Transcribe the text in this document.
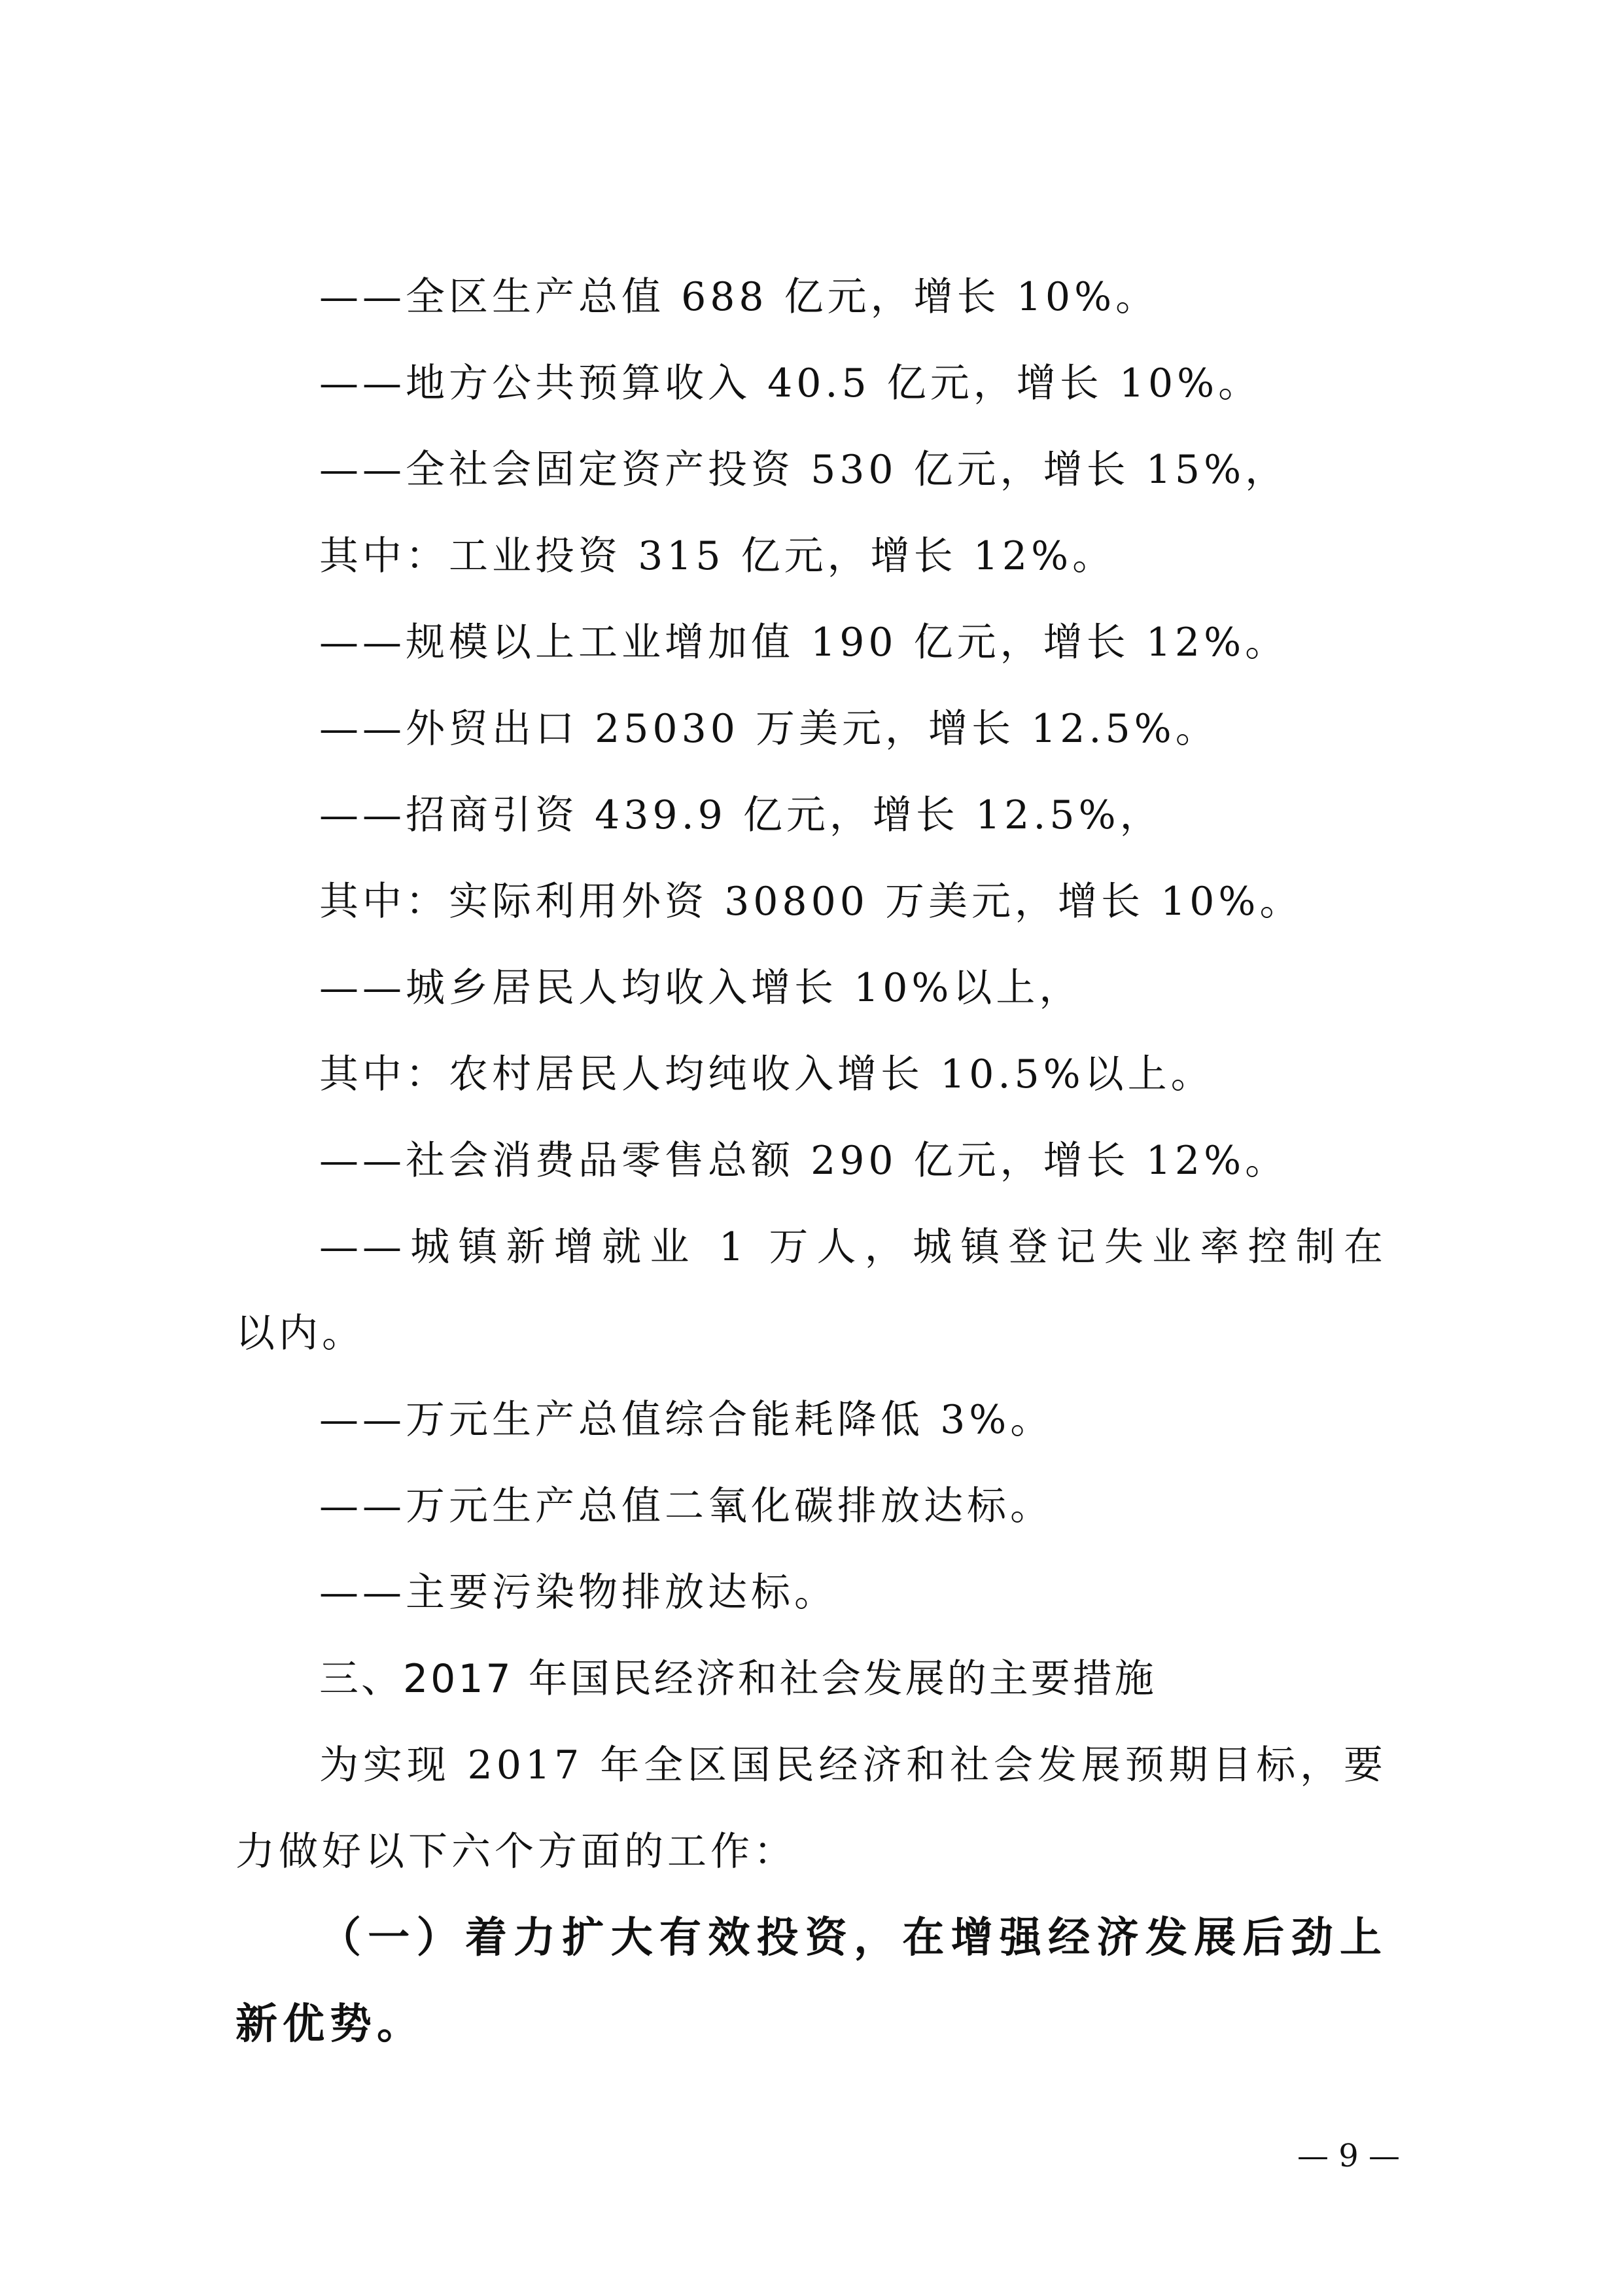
——全区生产总值 688 亿元，增长 10%。
——地方公共预算收入 40.5 亿元，增长 10%。
——全社会固定资产投资 530 亿元，增长 15%，
其中：工业投资 315 亿元，增长 12%。
——规模以上工业增加值 190 亿元，增长 12%。
——外贸出口 25030 万美元，增长 12.5%。
——招商引资 439.9 亿元，增长 12.5%，
其中：实际利用外资 30800 万美元，增长 10%。
——城乡居民人均收入增长 10%以上，
其中：农村居民人均纯收入增长 10.5%以上。
——社会消费品零售总额 290 亿元，增长 12%。
——城镇新增就业 1 万人，城镇登记失业率控制在
以内。
——万元生产总值综合能耗降低 3%。
——万元生产总值二氧化碳排放达标。
——主要污染物排放达标。
三、2017 年国民经济和社会发展的主要措施
为实现 2017 年全区国民经济和社会发展预期目标，要
力做好以下六个方面的工作：
（一）着力扩大有效投资，在增强经济发展后劲上
新优势。
— 9 —
